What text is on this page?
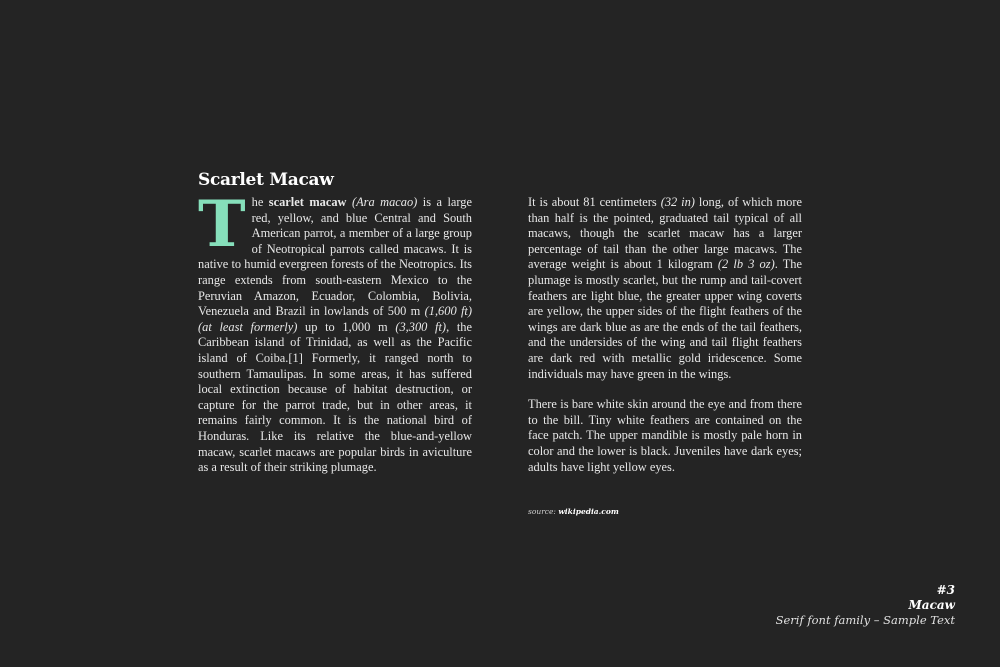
Scarlet Macaw

The scarlet macaw (Ara macao) is a large red, yellow, and blue Central and South American parrot, a member of a large group of Neotropical parrots called macaws. It is native to humid evergreen forests of the Neotropics. Its range extends from south-eastern Mexico to the Peruvian Amazon, Ecuador, Colombia, Bolivia, Venezuela and Brazil in lowlands of 500 m (1,600 ft) (at least formerly) up to 1,000 m (3,300 ft), the Caribbean island of Trinidad, as well as the Pacific island of Coiba.[1] Formerly, it ranged north to southern Tamaulipas. In some areas, it has suffered local extinction because of habitat destruction, or capture for the parrot trade, but in other areas, it remains fairly common. It is the national bird of Honduras. Like its relative the blue-and-yellow macaw, scarlet macaws are popular birds in aviculture as a result of their striking plumage.

It is about 81 centimeters (32 in) long, of which more than half is the pointed, graduated tail typical of all macaws, though the scarlet macaw has a larger percentage of tail than the other large macaws. The average weight is about 1 kilogram (2 lb 3 oz). The plumage is mostly scarlet, but the rump and tail-covert feathers are light blue, the greater upper wing coverts are yellow, the upper sides of the flight feathers of the wings are dark blue as are the ends of the tail feathers, and the undersides of the wing and tail flight feathers are dark red with metallic gold iridescence. Some individuals may have green in the wings.

There is bare white skin around the eye and from there to the bill. Tiny white feathers are contained on the face patch. The upper mandible is mostly pale horn in color and the lower is black. Juveniles have dark eyes; adults have light yellow eyes.

source: wikipedia.com
#3
Macaw
Serif font family – Sample Text
